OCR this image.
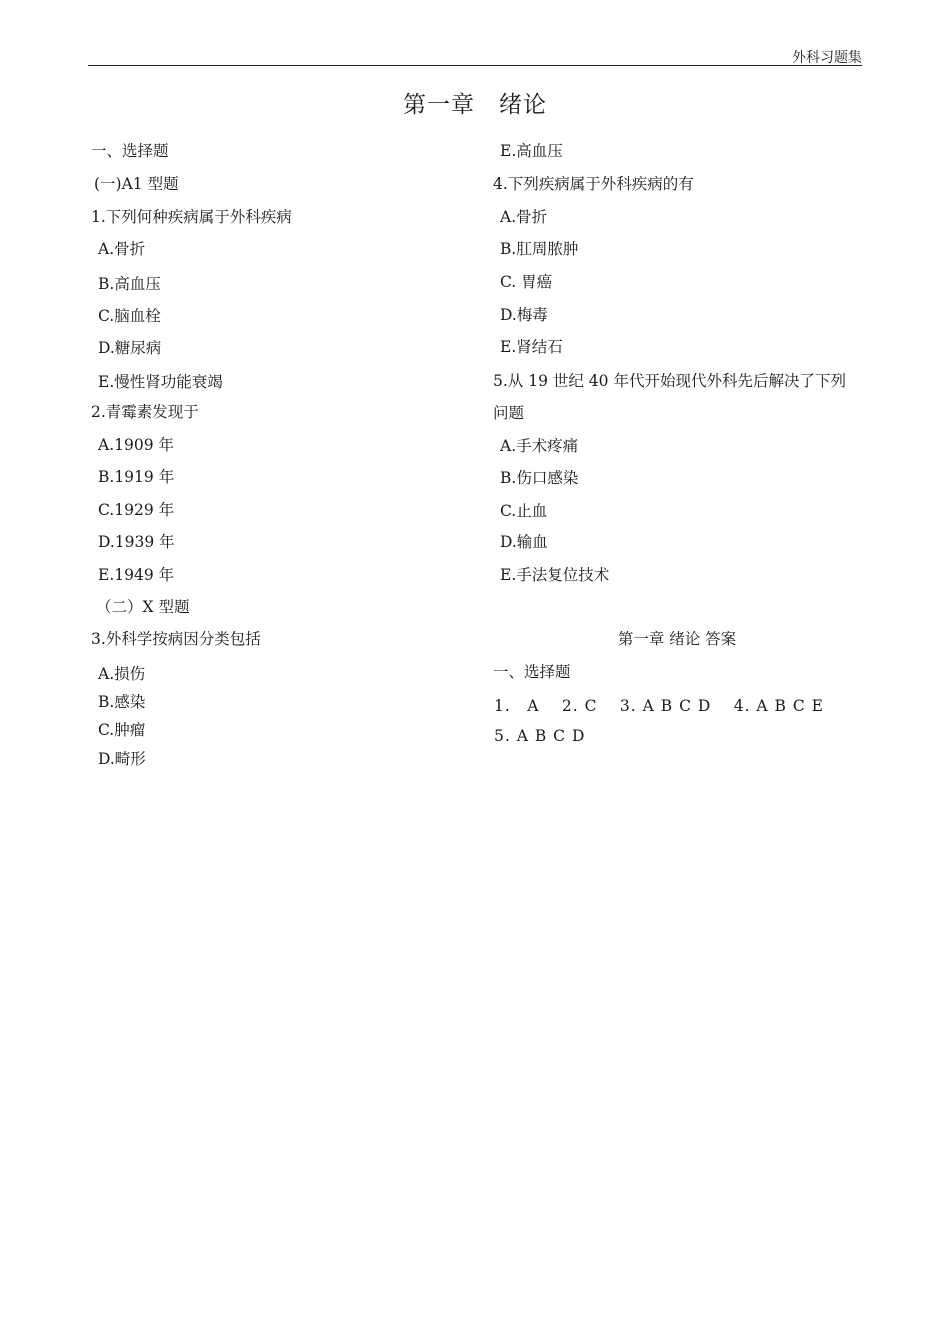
外科习题集
第一章　绪论
一、选择题
(一)A1 型题
1.下列何种疾病属于外科疾病
A.骨折
B.高血压
C.脑血栓
D.糖尿病
E.慢性肾功能衰竭
2.青霉素发现于
A.1909 年
B.1919 年
C.1929 年
D.1939 年
E.1949 年
（二）X 型题
3.外科学按病因分类包括
A.损伤
B.感染
C.肿瘤
D.畸形
E.高血压
4.下列疾病属于外科疾病的有
A.骨折
B.肛周脓肿
C. 胃癌
D.梅毒
E.肾结石
5.从 19 世纪 40 年代开始现代外科先后解决了下列
问题
A.手术疼痛
B.伤口感染
C.止血
D.输血
E.手法复位技术
第一章 绪论 答案
一、选择题
1.　A　 2. C　 3. A B C D　 4. A B C E
5. A B C D
